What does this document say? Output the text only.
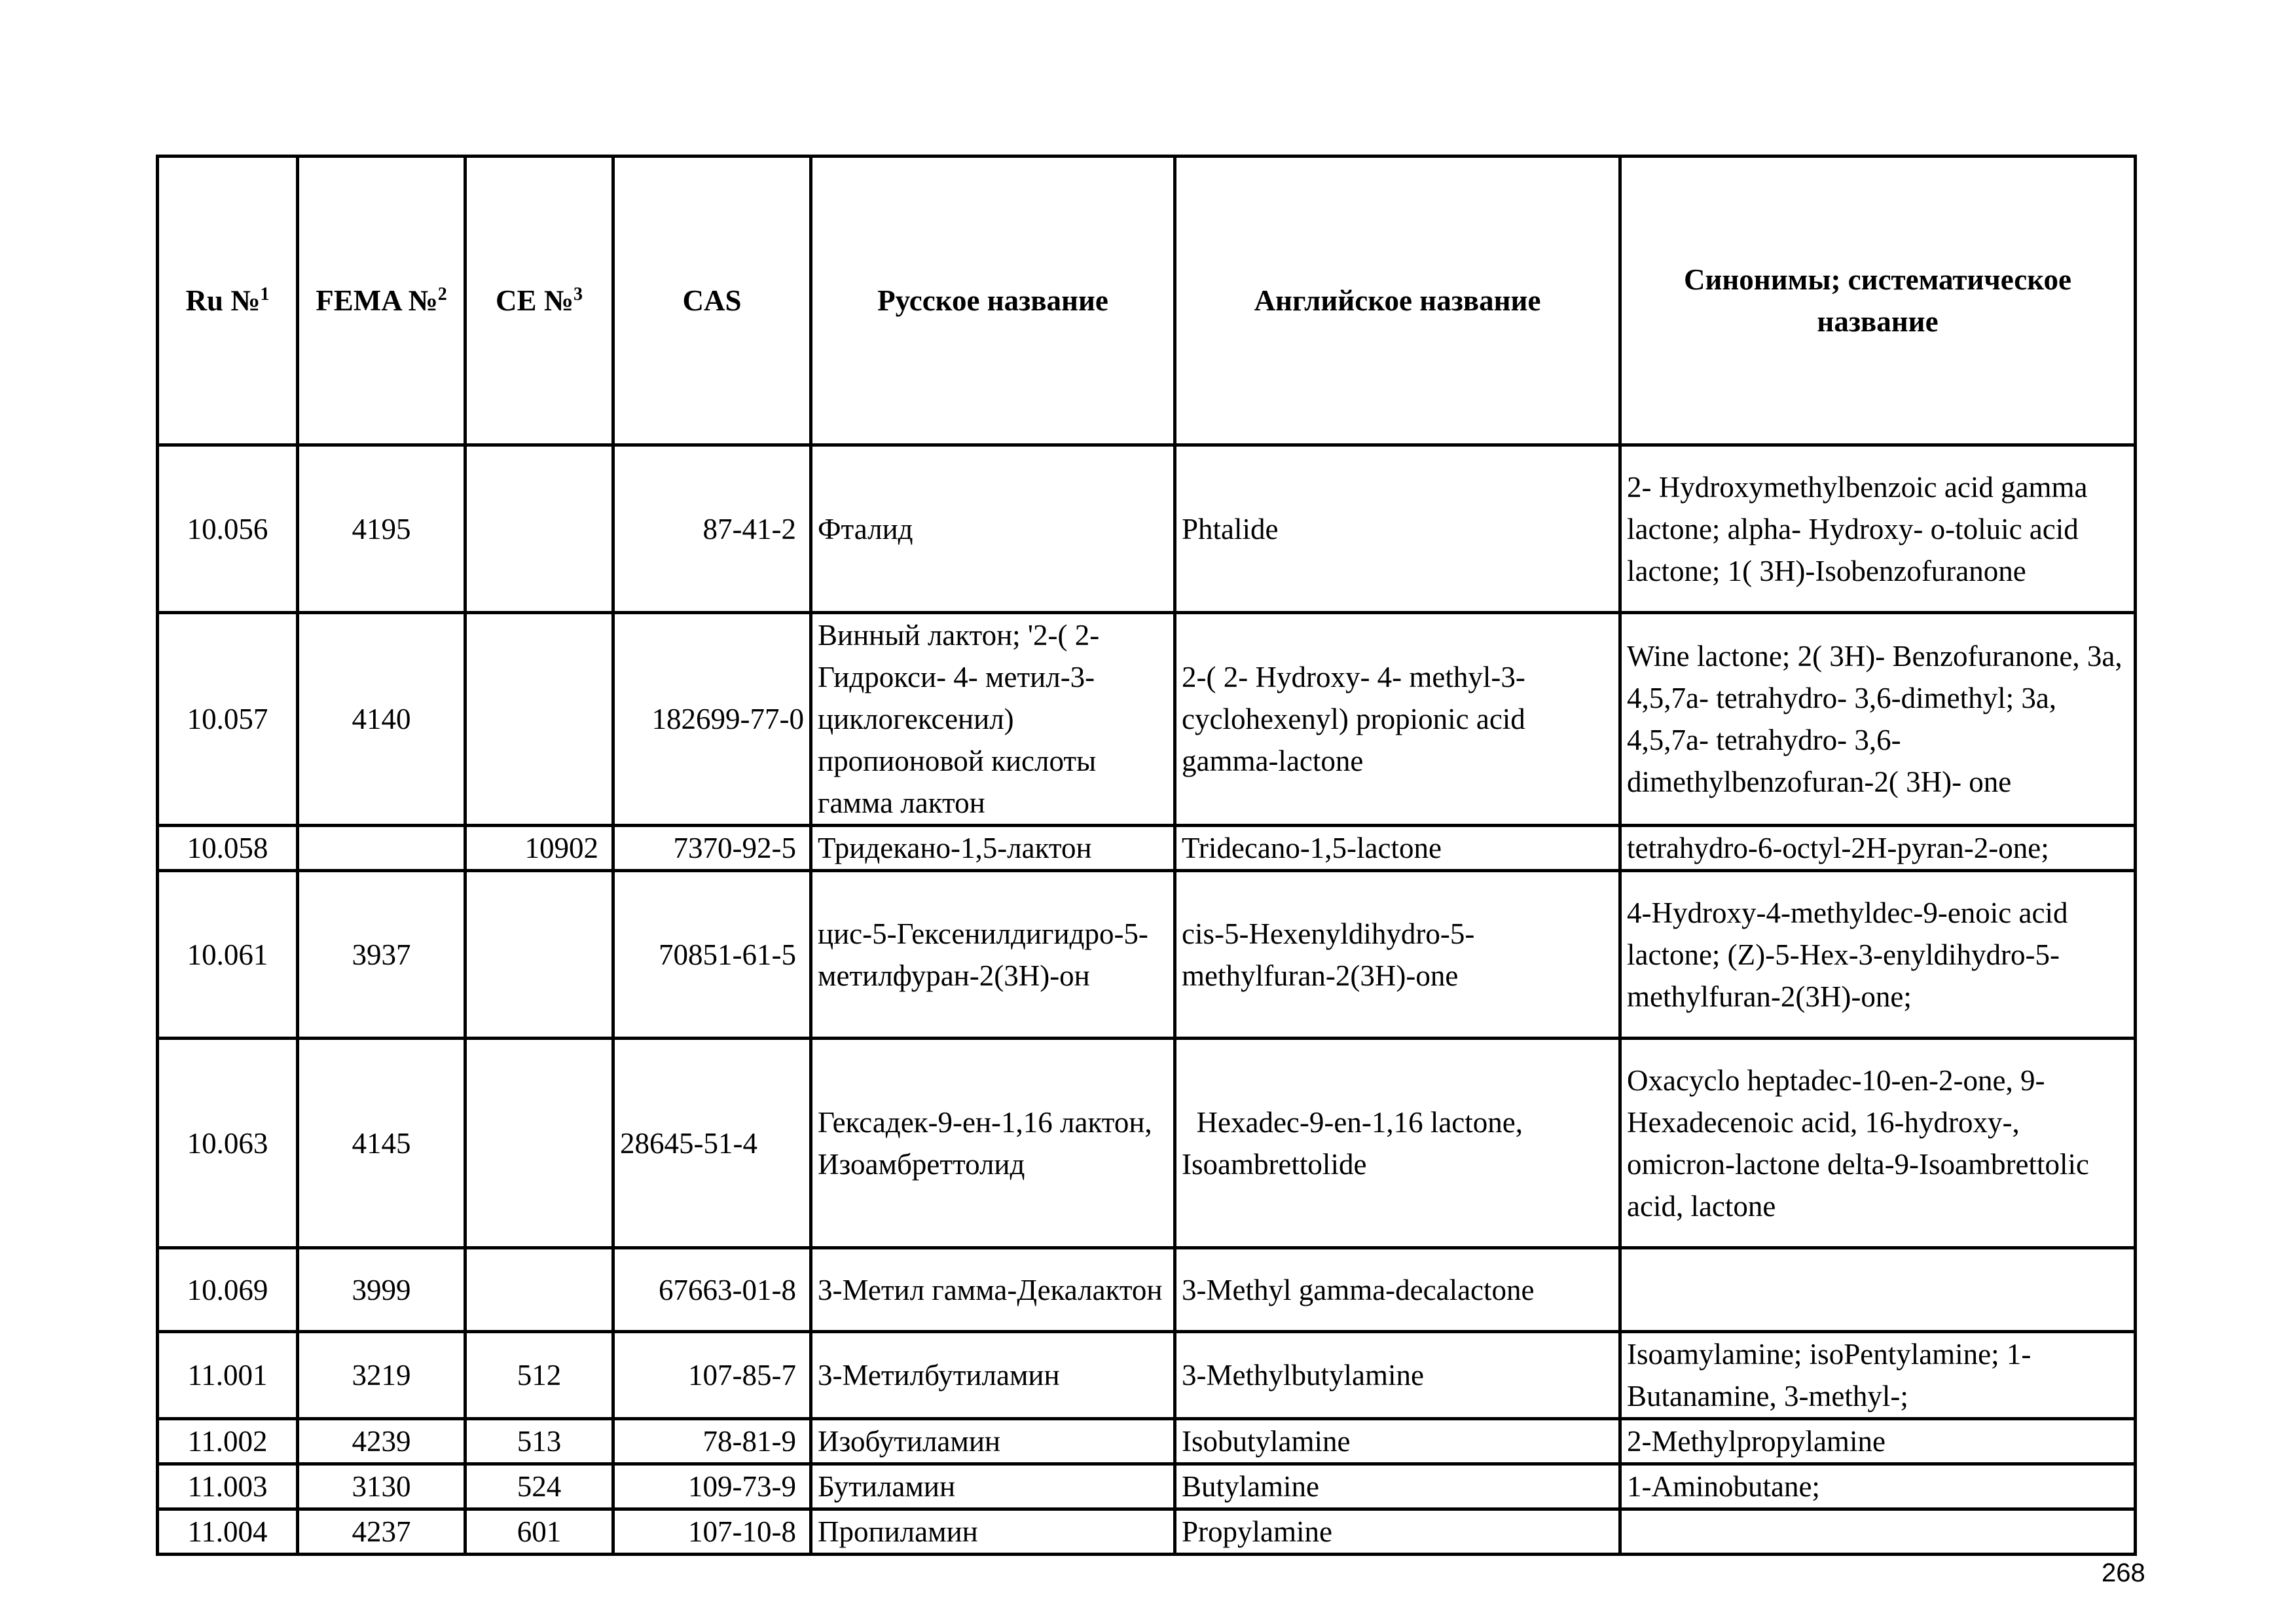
Ru №$^1$	FEMA №$^2$	CE №$^3$	CAS	Русское название	Английское название	Синонимы; систематическое название
10.056	4195		87-41-2	Фталид	Phtalide	2- Hydroxymethylbenzoic acid gamma lactone; alpha- Hydroxy- o-toluic acid lactone; 1( 3H)-Isobenzofuranone
10.057	4140		182699-77-0	Винный лактон; '2-( 2-Гидрокси- 4- метил-3-циклогексенил) пропионовой кислоты гамма лактон	2-( 2- Hydroxy- 4- methyl-3-cyclohexenyl) propionic acid gamma-lactone	Wine lactone; 2( 3H)- Benzofuranone, 3a, 4,5,7a- tetrahydro- 3,6-dimethyl; 3a, 4,5,7a- tetrahydro- 3,6-dimethylbenzofuran-2( 3H)- one
10.058		10902	7370-92-5	Тридекано-1,5-лактон	Tridecano-1,5-lactone	tetrahydro-6-octyl-2H-pyran-2-one;
10.061	3937		70851-61-5	цис-5-Гексенилдигидро-5-метилфуран-2(3Н)-он	cis-5-Hexenyldihydro-5-methylfuran-2(3H)-one	4-Hydroxy-4-methyldec-9-enoic acid lactone; (Z)-5-Hex-3-enyldihydro-5-methylfuran-2(3H)-one;
10.063	4145		28645-51-4	Гексадек-9-ен-1,16 лактон, Изоамбреттолид	Hexadec-9-en-1,16 lactone, Isoambrettolide	Oxacyclo heptadec-10-en-2-one, 9-Hexadecenoic acid, 16-hydroxy-, omicron-lactone delta-9-Isoambrettolic acid, lactone
10.069	3999		67663-01-8	3-Метил гамма-Декалактон	3-Methyl gamma-decalactone	
11.001	3219	512	107-85-7	3-Метилбутиламин	3-Methylbutylamine	Isoamylamine; isoPentylamine; 1-Butanamine, 3-methyl-;
11.002	4239	513	78-81-9	Изобутиламин	Isobutylamine	2-Methylpropylamine
11.003	3130	524	109-73-9	Бутиламин	Butylamine	1-Aminobutane;
11.004	4237	601	107-10-8	Пропиламин	Propylamine	
268
